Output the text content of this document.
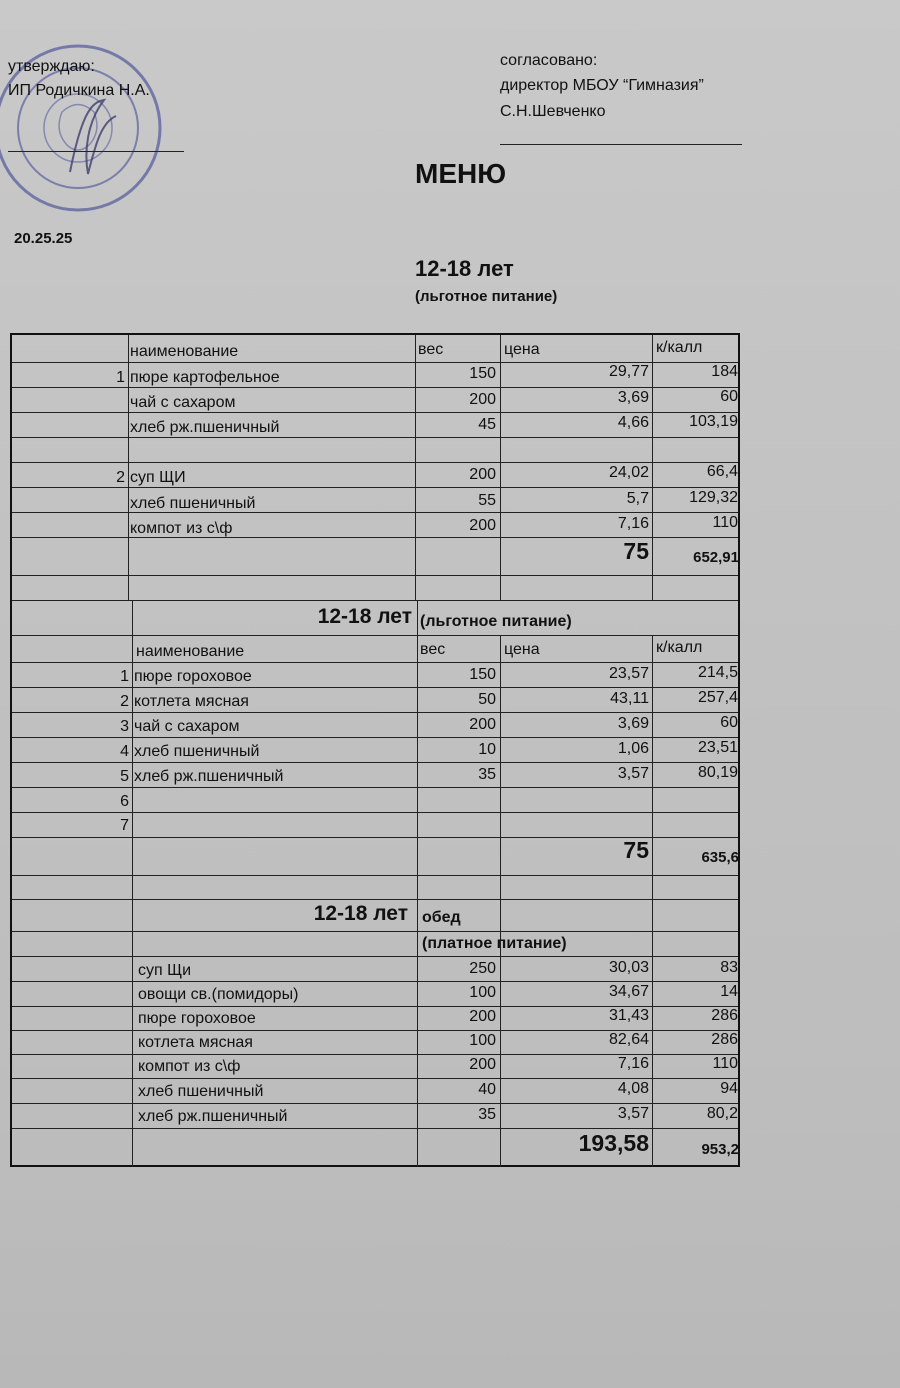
утверждаю:
ИП Родичкина Н.А.
20.25.25
согласовано:
директор МБОУ “Гимназия”
С.Н.Шевченко
МЕНЮ
12-18 лет
(льготное питание)
наименование	вес	цена	к/калл
1 пюре картофельное	150	29,77	184
чай с сахаром	200	3,69	60
хлеб рж.пшеничный	45	4,66	103,19
2 суп ЩИ	200	24,02	66,4
хлеб пшеничный	55	5,7	129,32
компот из с\ф	200	7,16	110
75	652,91
12-18 лет (льготное питание)
наименование	вес	цена	к/калл
1 пюре гороховое	150	23,57	214,5
2 котлета мясная	50	43,11	257,4
3 чай с сахаром	200	3,69	60
4 хлеб пшеничный	10	1,06	23,51
5 хлеб рж.пшеничный	35	3,57	80,19
6
7
75	635,6
12-18 лет обед
(платное питание)
суп Щи	250	30,03	83
овощи св.(помидоры)	100	34,67	14
пюре гороховое	200	31,43	286
котлета мясная	100	82,64	286
компот из с\ф	200	7,16	110
хлеб пшеничный	40	4,08	94
хлеб рж.пшеничный	35	3,57	80,2
193,58	953,2
